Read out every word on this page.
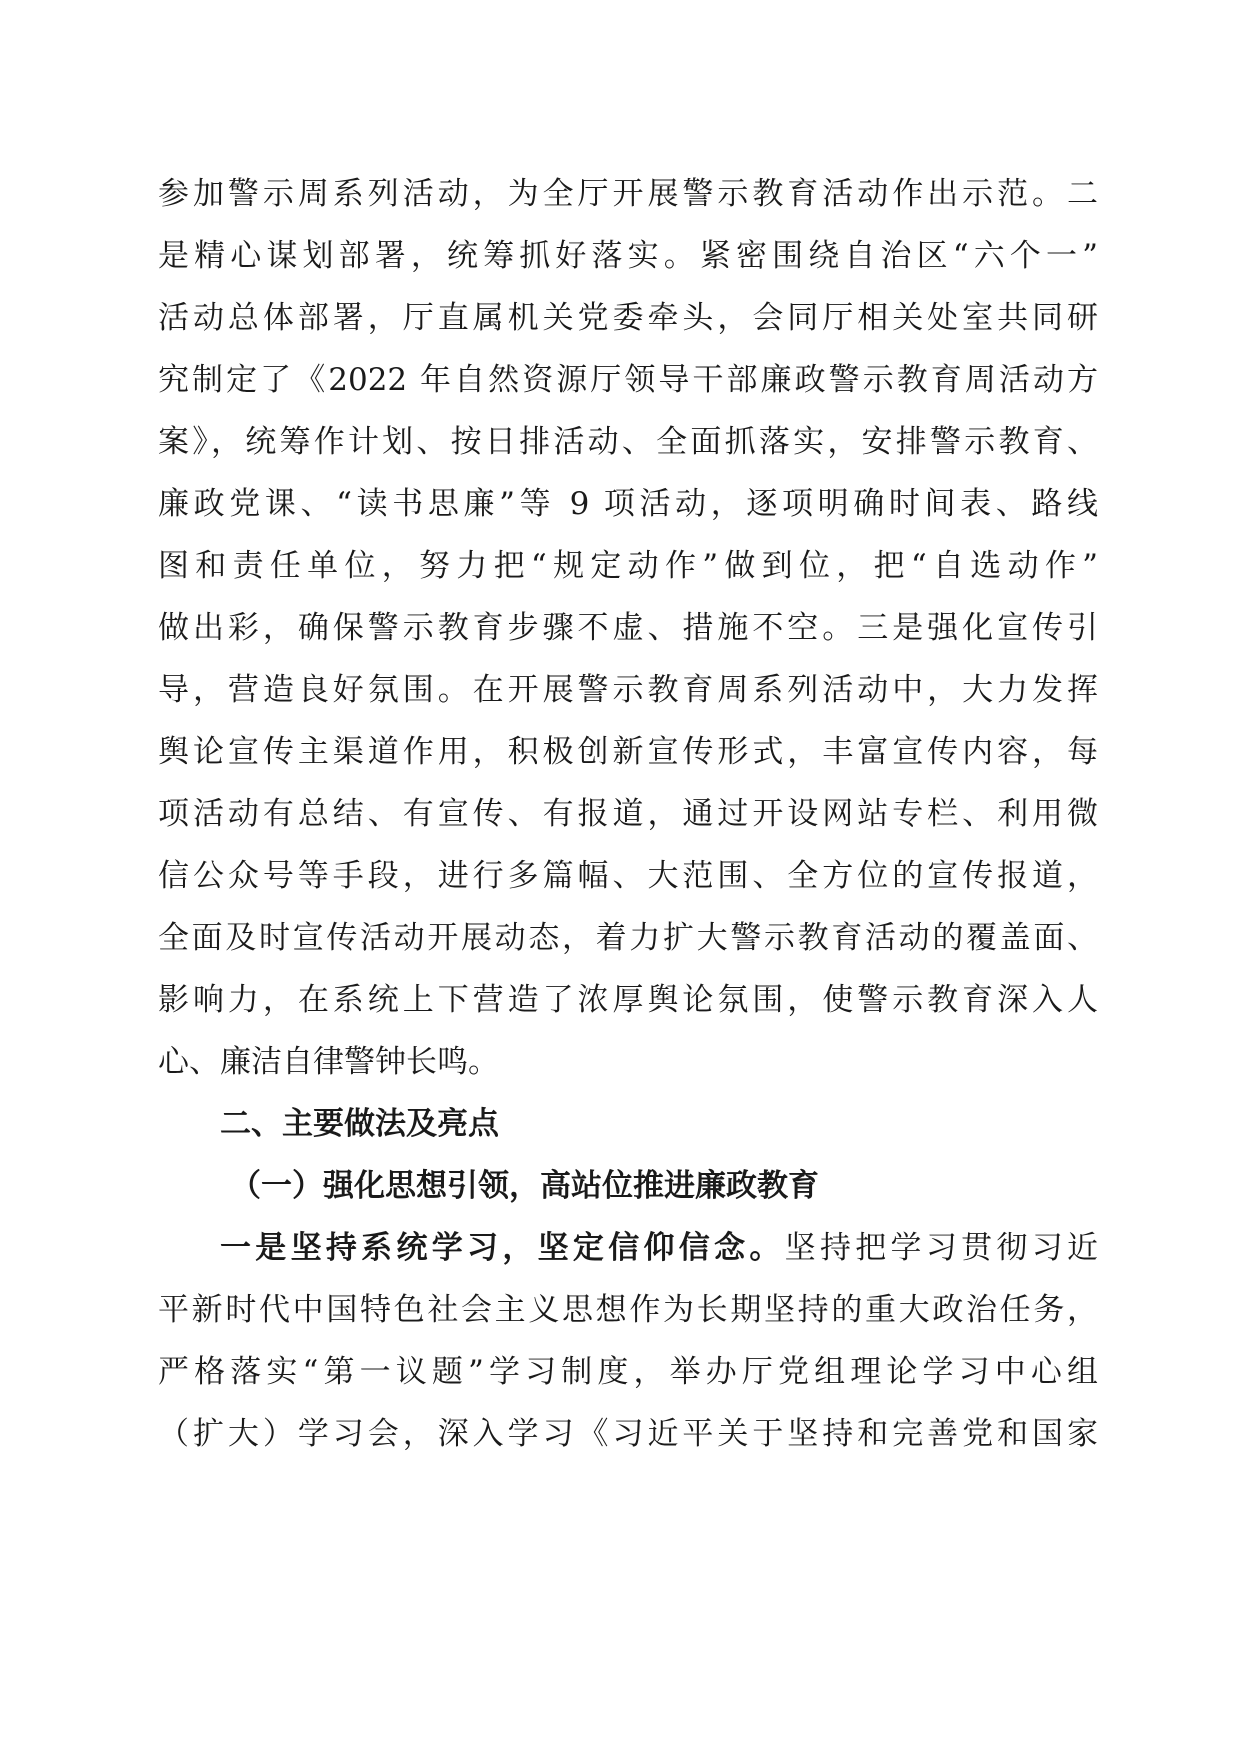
参加警示周系列活动，为全厅开展警示教育活动作出示范。二
是精心谋划部署，统筹抓好落实。紧密围绕自治区“六个一”
活动总体部署，厅直属机关党委牵头，会同厅相关处室共同研
究制定了《2022 年自然资源厅领导干部廉政警示教育周活动方
案》，统筹作计划、按日排活动、全面抓落实，安排警示教育、
廉政党课、“读书思廉”等 9 项活动，逐项明确时间表、路线
图和责任单位，努力把“规定动作”做到位，把“自选动作”
做出彩，确保警示教育步骤不虚、措施不空。三是强化宣传引
导，营造良好氛围。在开展警示教育周系列活动中，大力发挥
舆论宣传主渠道作用，积极创新宣传形式，丰富宣传内容，每
项活动有总结、有宣传、有报道，通过开设网站专栏、利用微
信公众号等手段，进行多篇幅、大范围、全方位的宣传报道，
全面及时宣传活动开展动态，着力扩大警示教育活动的覆盖面、
影响力，在系统上下营造了浓厚舆论氛围，使警示教育深入人
心、廉洁自律警钟长鸣。
二、主要做法及亮点
（一）强化思想引领，高站位推进廉政教育
一是坚持系统学习，坚定信仰信念。坚持把学习贯彻习近
平新时代中国特色社会主义思想作为长期坚持的重大政治任务，
严格落实“第一议题”学习制度，举办厅党组理论学习中心组
（扩大）学习会，深入学习《习近平关于坚持和完善党和国家
